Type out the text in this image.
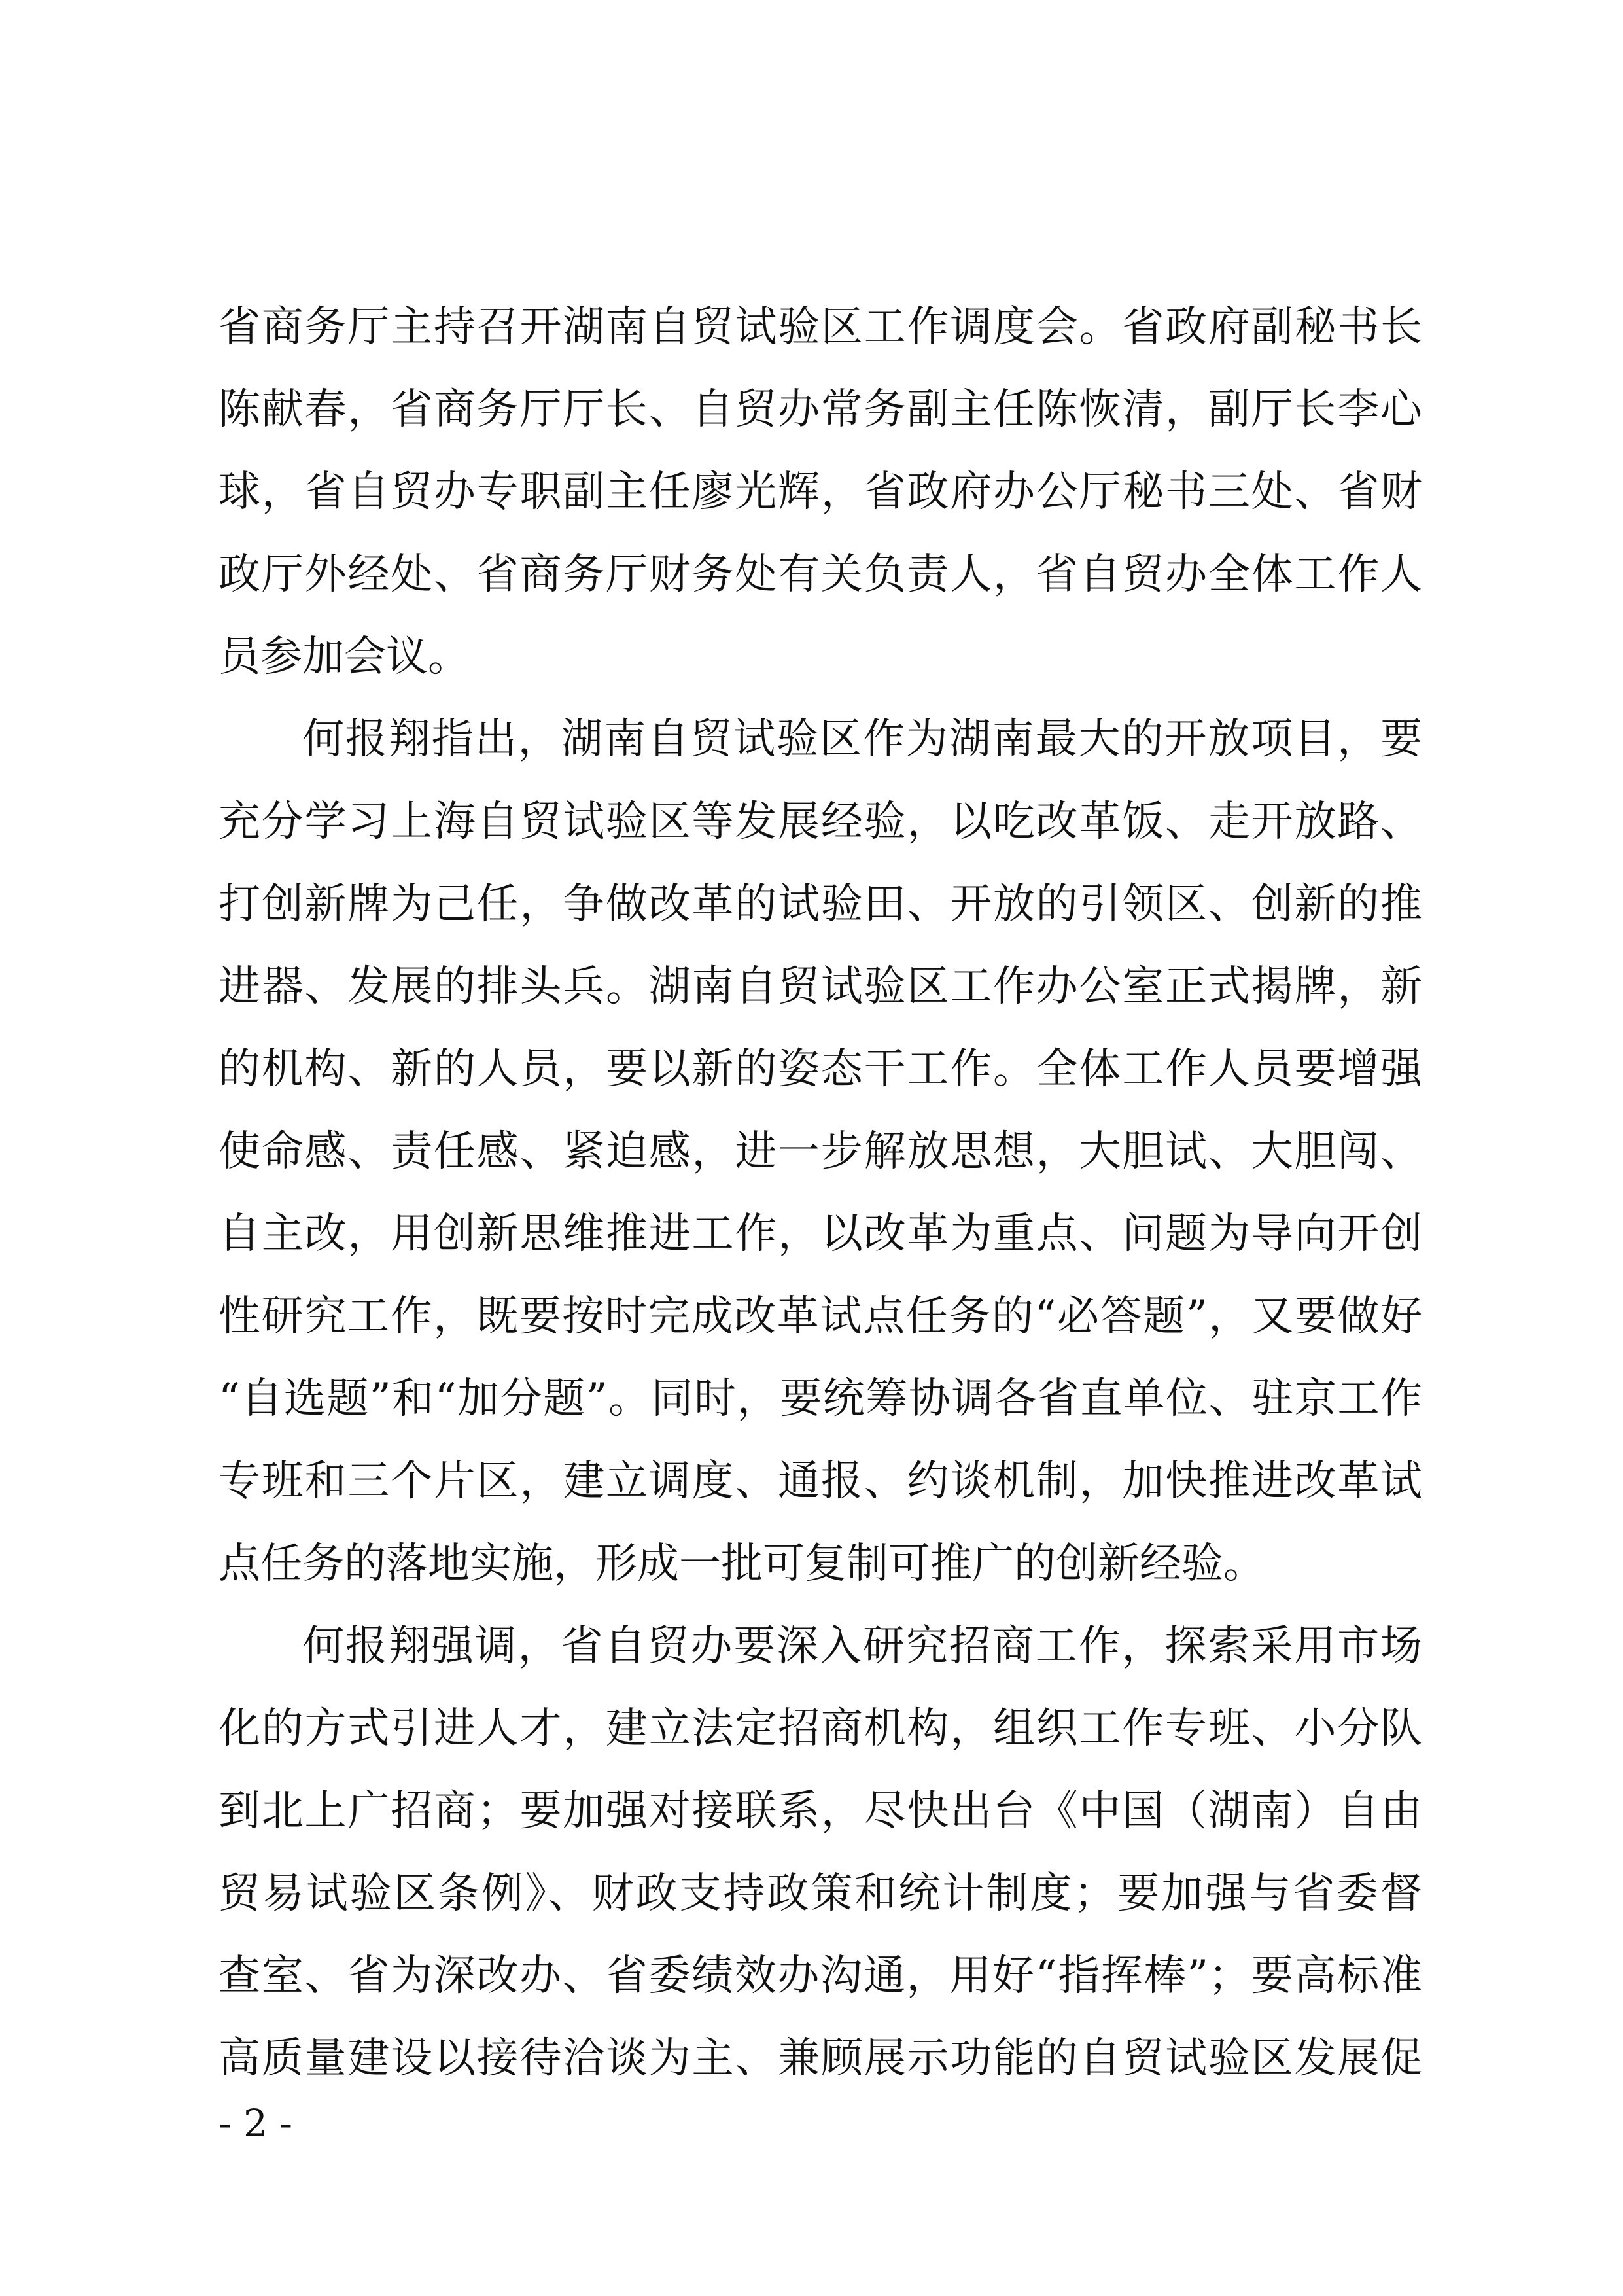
省商务厅主持召开湖南自贸试验区工作调度会。省政府副秘书长
陈献春，省商务厅厅长、自贸办常务副主任陈恢清，副厅长李心
球，省自贸办专职副主任廖光辉，省政府办公厅秘书三处、省财
政厅外经处、省商务厅财务处有关负责人，省自贸办全体工作人
员参加会议。
何报翔指出，湖南自贸试验区作为湖南最大的开放项目，要
充分学习上海自贸试验区等发展经验，以吃改革饭、走开放路、
打创新牌为己任，争做改革的试验田、开放的引领区、创新的推
进器、发展的排头兵。湖南自贸试验区工作办公室正式揭牌，新
的机构、新的人员，要以新的姿态干工作。全体工作人员要增强
使命感、责任感、紧迫感，进一步解放思想，大胆试、大胆闯、
自主改，用创新思维推进工作，以改革为重点、问题为导向开创
性研究工作，既要按时完成改革试点任务的“必答题”，又要做好
“自选题”和“加分题”。同时，要统筹协调各省直单位、驻京工作
专班和三个片区，建立调度、通报、约谈机制，加快推进改革试
点任务的落地实施，形成一批可复制可推广的创新经验。
何报翔强调，省自贸办要深入研究招商工作，探索采用市场
化的方式引进人才，建立法定招商机构，组织工作专班、小分队
到北上广招商；要加强对接联系，尽快出台《中国（湖南）自由
贸易试验区条例》、财政支持政策和统计制度；要加强与省委督
查室、省为深改办、省委绩效办沟通，用好“指挥棒”；要高标准
高质量建设以接待洽谈为主、兼顾展示功能的自贸试验区发展促
- 2 -
